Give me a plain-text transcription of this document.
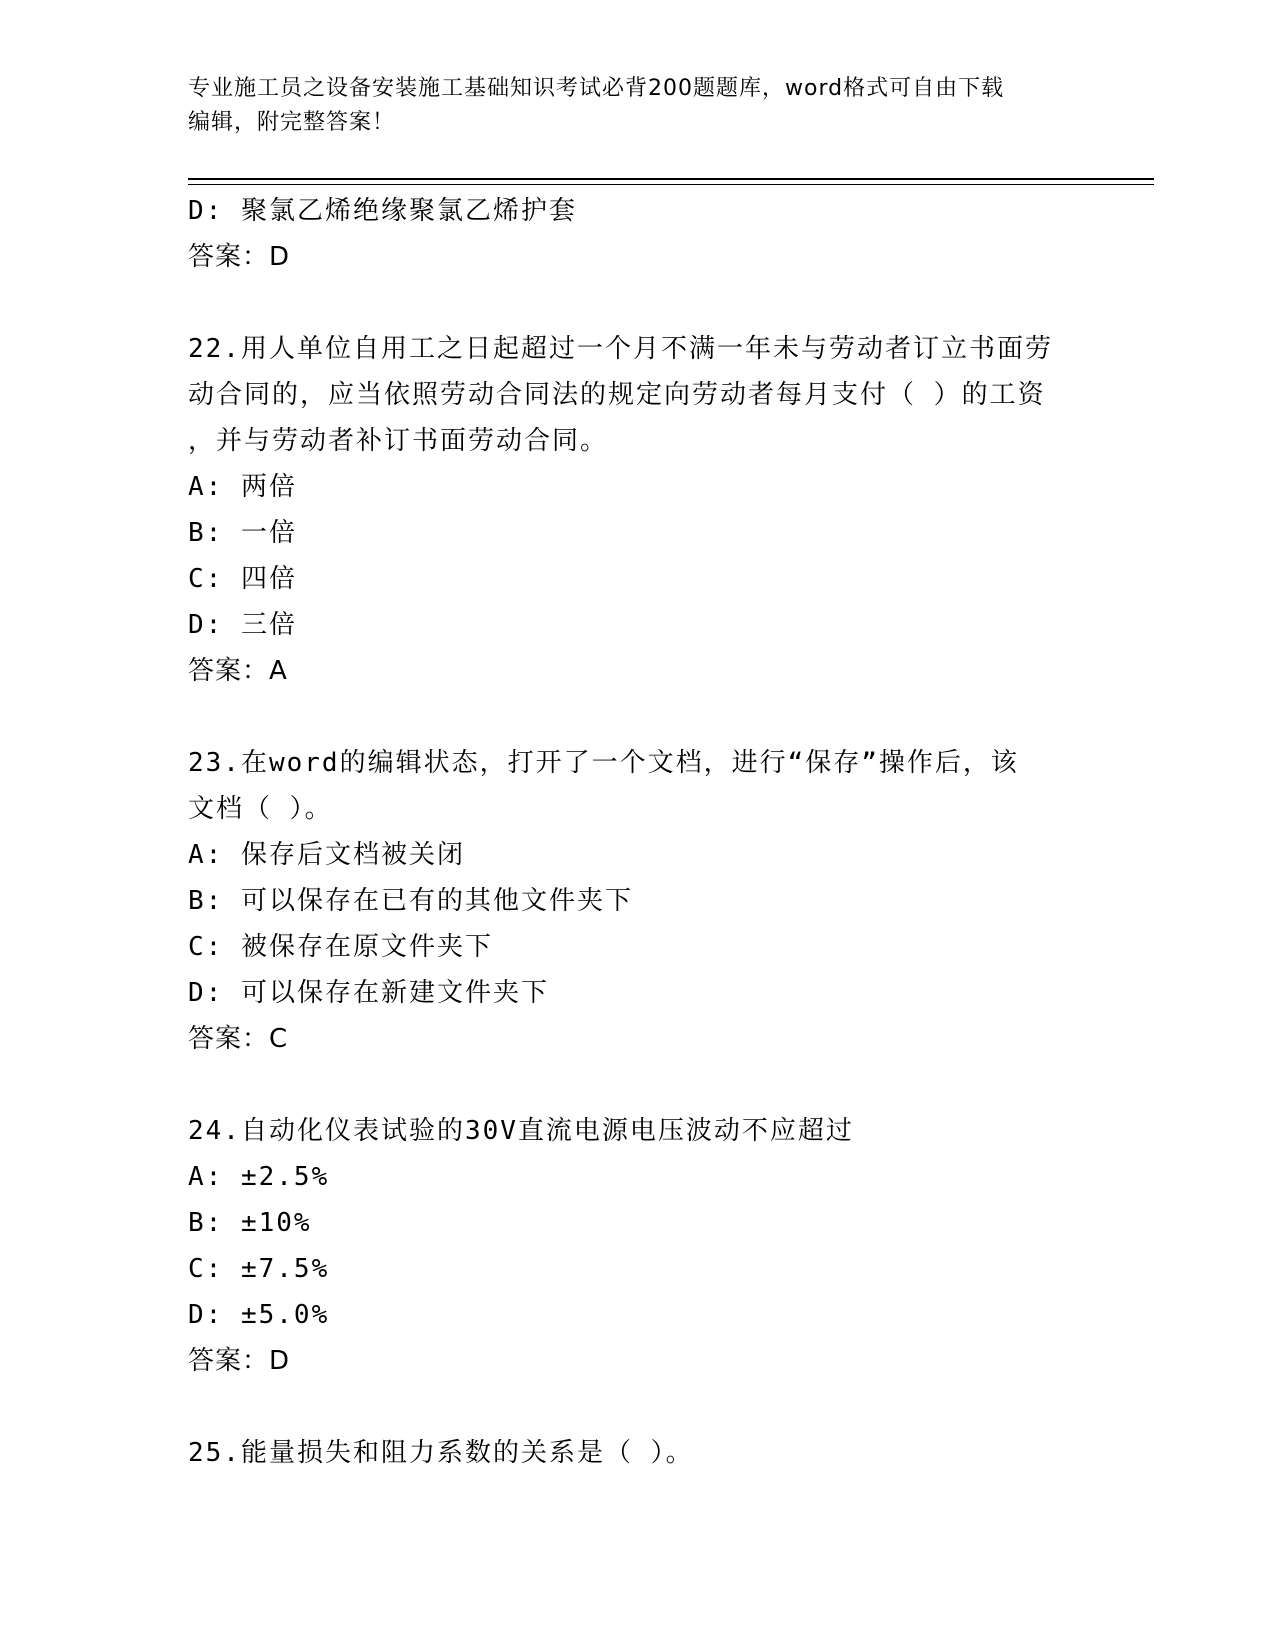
专业施工员之设备安装施工基础知识考试必背200题题库，word格式可自由下载
编辑，附完整答案！
D: 聚氯乙烯绝缘聚氯乙烯护套
答案：D
22.用人单位自用工之日起超过一个月不满一年未与劳动者订立书面劳
动合同的，应当依照劳动合同法的规定向劳动者每月支付（ ）的工资
，并与劳动者补订书面劳动合同。
A: 两倍
B: 一倍
C: 四倍
D: 三倍
答案：A
23.在word的编辑状态，打开了一个文档，进行“保存”操作后，该
文档（ ）。
A: 保存后文档被关闭
B: 可以保存在已有的其他文件夹下
C: 被保存在原文件夹下
D: 可以保存在新建文件夹下
答案：C
24.自动化仪表试验的30V直流电源电压波动不应超过
A: ±2.5%
B: ±10%
C: ±7.5%
D: ±5.0%
答案：D
25.能量损失和阻力系数的关系是（ ）。
